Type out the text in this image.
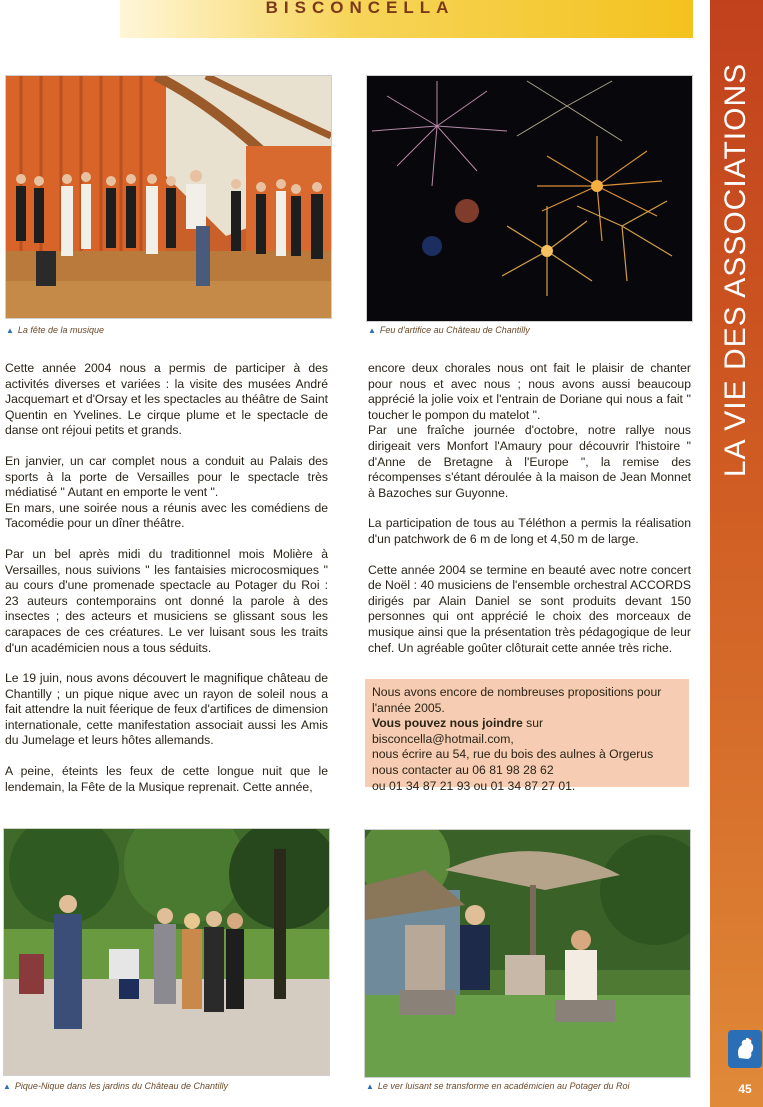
BISCONCELLA
LA VIE DES ASSOCIATIONS
45
▲ La fête de la musique	▲ Feu d'artifice au Château de Chantilly

Cette année 2004 nous a permis de participer à des activités diverses et variées : la visite des musées André Jacquemart et d'Orsay et les spectacles au théâtre de Saint Quentin en Yvelines. Le cirque plume et le spectacle de danse ont réjoui petits et grands.

En janvier, un car complet nous a conduit au Palais des sports à la porte de Versailles pour le spectacle très médiatisé " Autant en emporte le vent ".

En mars, une soirée nous a réunis avec les comédiens de Tacomédie pour un dîner théâtre.

Par un bel après midi du traditionnel mois Molière à Versailles, nous suivions " les fantaisies microcosmiques " au cours d'une promenade spectacle au Potager du Roi : 23 auteurs contemporains ont donné la parole à des insectes ; des acteurs et musiciens se glissant sous les carapaces de ces créatures. Le ver luisant sous les traits d'un académicien nous a tous séduits.

Le 19 juin, nous avons découvert le magnifique château de Chantilly ; un pique nique avec un rayon de soleil nous a fait attendre la nuit féerique de feux d'artifices de dimension internationale, cette manifestation associait aussi les Amis du Jumelage et leurs hôtes allemands.

A peine, éteints les feux de cette longue nuit que le lendemain, la Fête de la Musique reprenait. Cette année,

encore deux chorales nous ont fait le plaisir de chanter pour nous et avec nous ; nous avons aussi beaucoup apprécié la jolie voix et l'entrain de Doriane qui nous a fait " toucher le pompon du matelot ".

Par une fraîche journée d'octobre, notre rallye nous dirigeait vers Monfort l'Amaury pour découvrir l'histoire " d'Anne de Bretagne à l'Europe ", la remise des récompenses s'étant déroulée à la maison de Jean Monnet à Bazoches sur Guyonne.

La participation de tous au Téléthon a permis la réalisation d'un patchwork de 6 m de long et 4,50 m de large.

Cette année 2004 se termine en beauté avec notre concert de Noël : 40 musiciens de l'ensemble orchestral ACCORDS dirigés par Alain Daniel se sont produits devant 150 personnes qui ont apprécié le choix des morceaux de musique ainsi que la présentation très pédagogique de leur chef. Un agréable goûter clôturait cette année très riche.

Nous avons encore de nombreuses propositions pour l'année 2005.

Vous pouvez nous joindre sur bisconcella@hotmail.com,

nous écrire au 54, rue du bois des aulnes à Orgerus

nous contacter au 06 81 98 28 62

ou 01 34 87 21 93 ou 01 34 87 27 01.

▲ Pique-Nique dans les jardins du Château de Chantilly	▲ Le ver luisant se transforme en académicien au Potager du Roi
